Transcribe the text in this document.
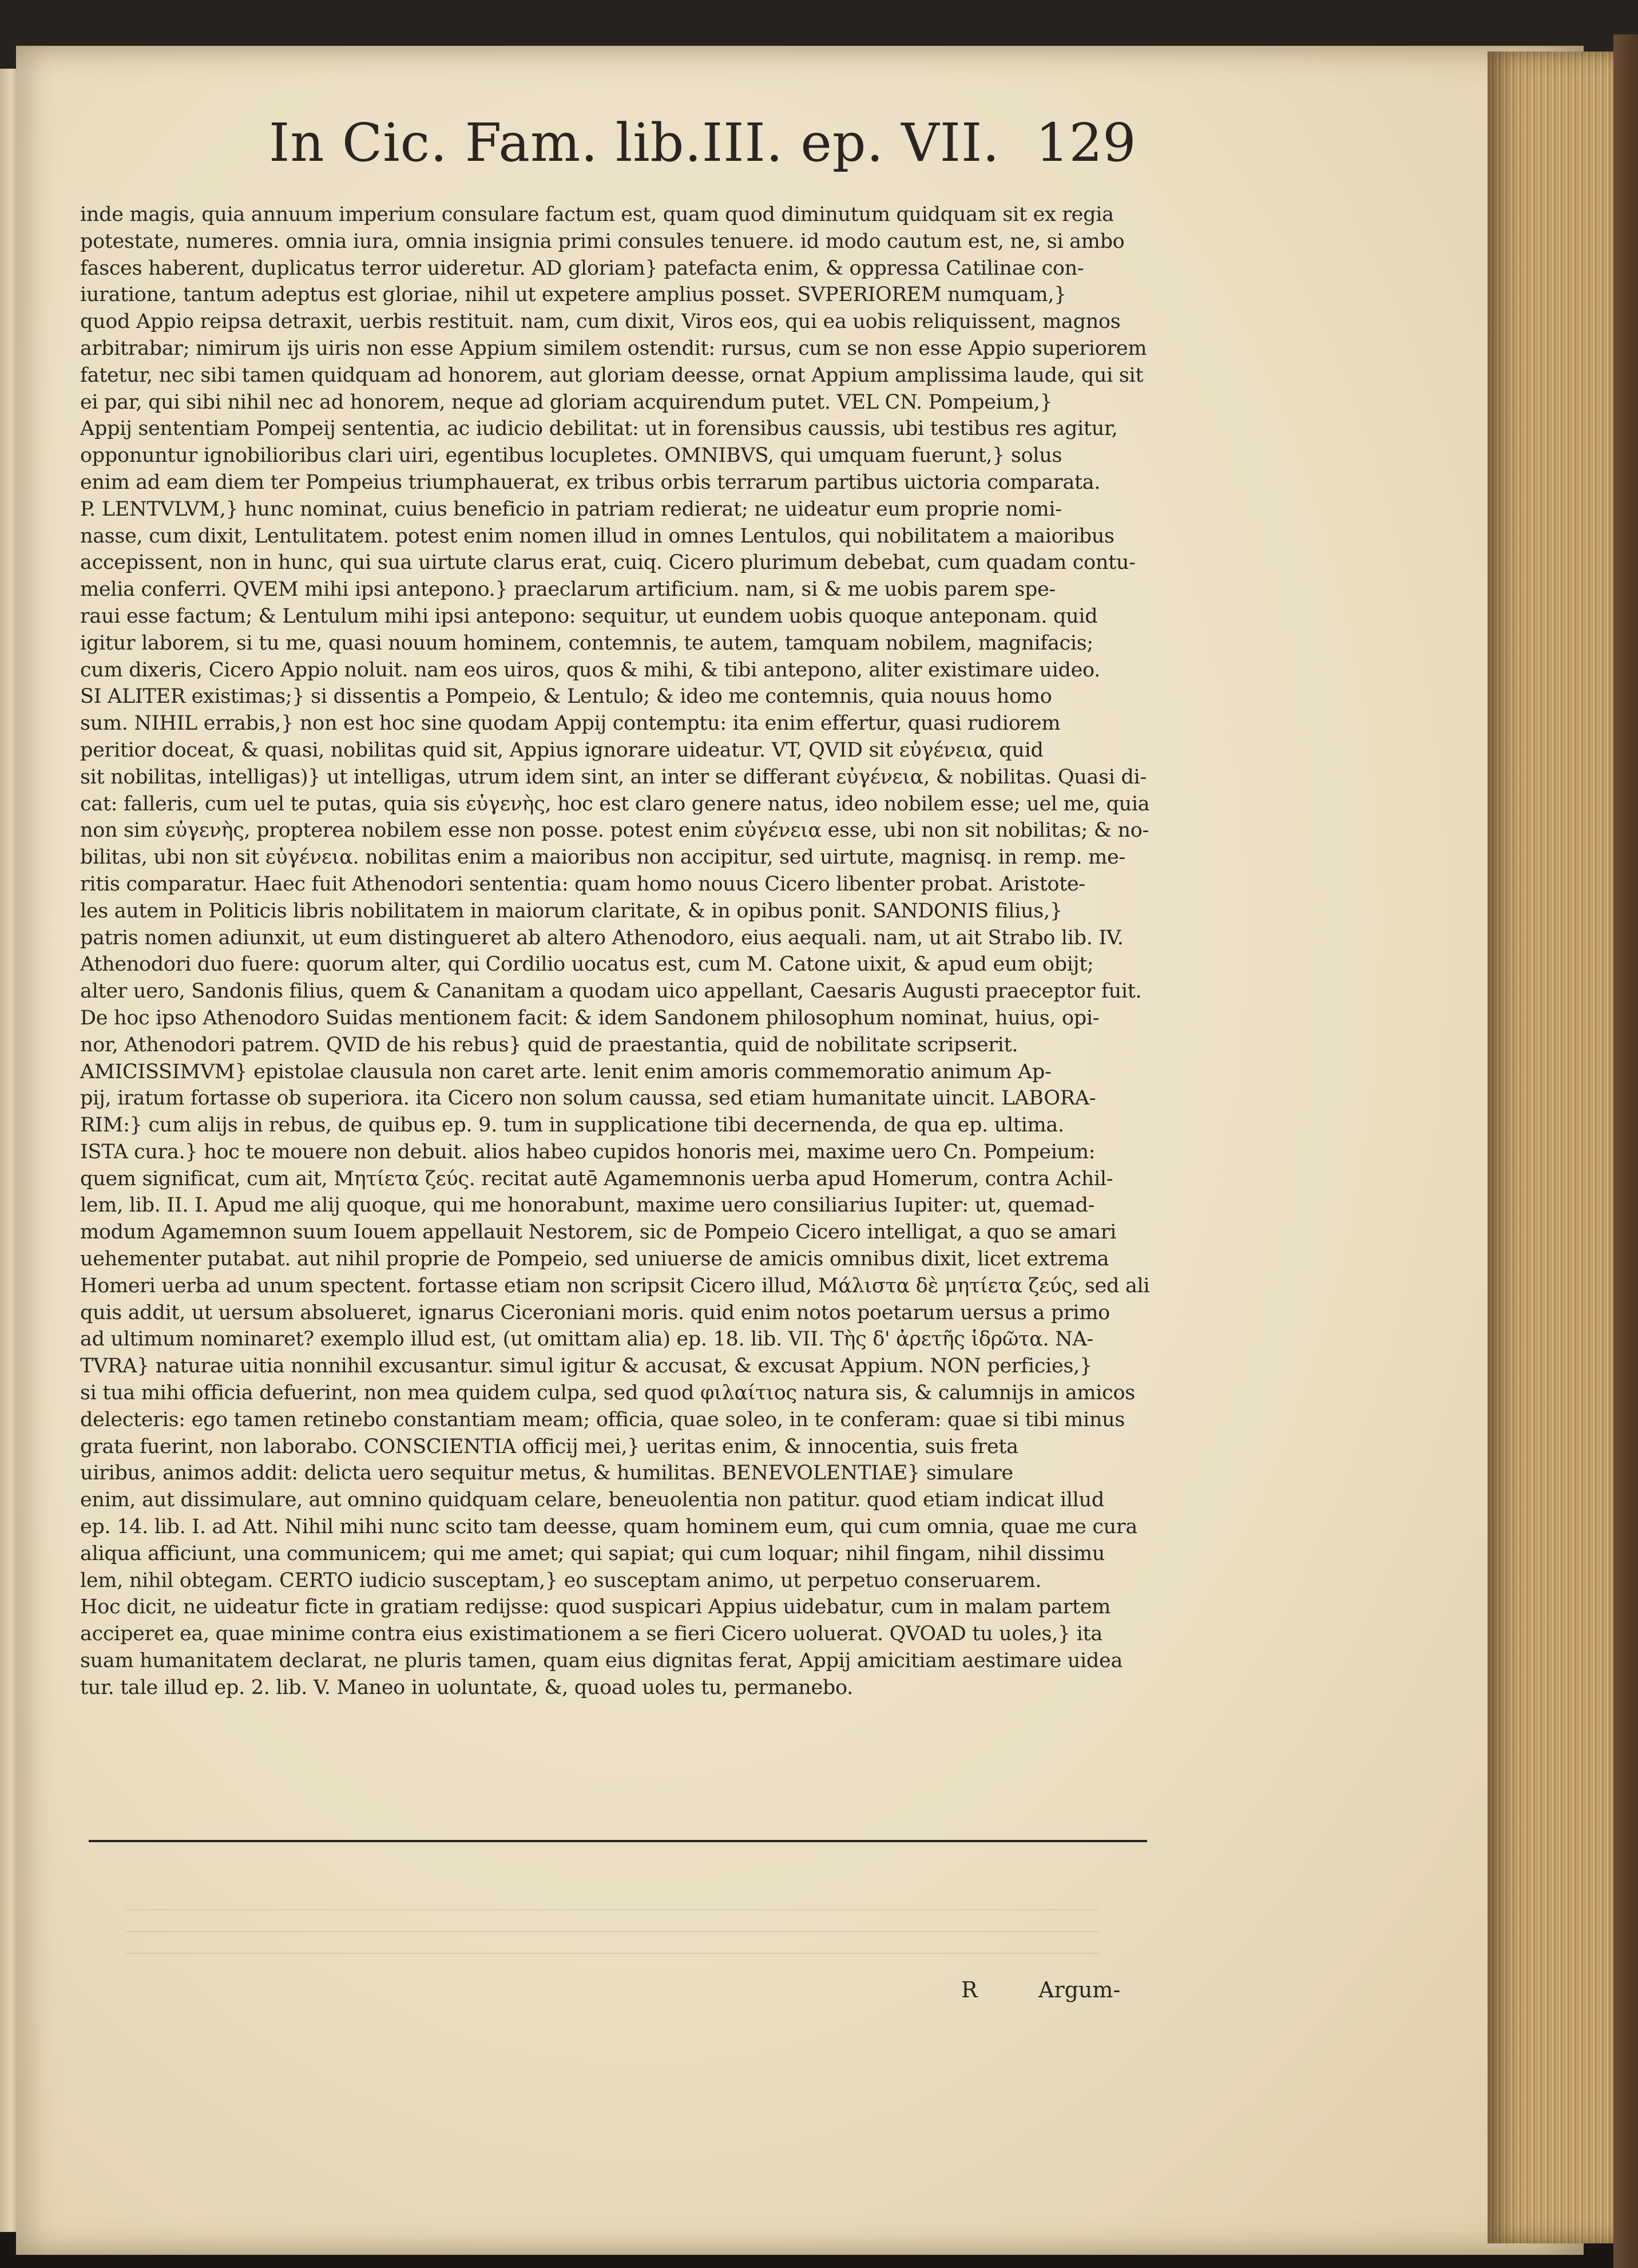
In Cic. Fam. lib.III. ep. VII. 129
inde magis, quia annuum imperium consulare factum est, quam quod diminutum quidquam sit ex regia
potestate, numeres. omnia iura, omnia insignia primi consules tenuere. id modo cautum est, ne, si ambo
fasces haberent, duplicatus terror uideretur. AD gloriam} patefacta enim, & oppressa Catilinae con-
iuratione, tantum adeptus est gloriae, nihil ut expetere amplius posset. SVPERIOREM numquam,}
quod Appio reipsa detraxit, uerbis restituit. nam, cum dixit, Viros eos, qui ea uobis reliquissent, magnos
arbitrabar; nimirum ijs uiris non esse Appium similem ostendit: rursus, cum se non esse Appio superiorem
fatetur, nec sibi tamen quidquam ad honorem, aut gloriam deesse, ornat Appium amplissima laude, qui sit
ei par, qui sibi nihil nec ad honorem, neque ad gloriam acquirendum putet. VEL CN. Pompeium,}
Appij sententiam Pompeij sententia, ac iudicio debilitat: ut in forensibus caussis, ubi testibus res agitur,
opponuntur ignobilioribus clari uiri, egentibus locupletes. OMNIBVS, qui umquam fuerunt,} solus
enim ad eam diem ter Pompeius triumphauerat, ex tribus orbis terrarum partibus uictoria comparata.
P. LENTVLVM,} hunc nominat, cuius beneficio in patriam redierat; ne uideatur eum proprie nomi-
nasse, cum dixit, Lentulitatem. potest enim nomen illud in omnes Lentulos, qui nobilitatem a maioribus
accepissent, non in hunc, qui sua uirtute clarus erat, cuiq. Cicero plurimum debebat, cum quadam contu-
melia conferri. QVEM mihi ipsi antepono.} praeclarum artificium. nam, si & me uobis parem spe-
raui esse factum; & Lentulum mihi ipsi antepono: sequitur, ut eundem uobis quoque anteponam. quid
igitur laborem, si tu me, quasi nouum hominem, contemnis, te autem, tamquam nobilem, magnifacis;
cum dixeris, Cicero Appio noluit. nam eos uiros, quos & mihi, & tibi antepono, aliter existimare uideo.
SI ALITER existimas;} si dissentis a Pompeio, & Lentulo; & ideo me contemnis, quia nouus homo
sum. NIHIL errabis,} non est hoc sine quodam Appij contemptu: ita enim effertur, quasi rudiorem
peritior doceat, & quasi, nobilitas quid sit, Appius ignorare uideatur. VT, QVID sit εὐγένεια, quid
sit nobilitas, intelligas)} ut intelligas, utrum idem sint, an inter se differant εὐγένεια, & nobilitas. Quasi di-
cat: falleris, cum uel te putas, quia sis εὐγενὴς, hoc est claro genere natus, ideo nobilem esse; uel me, quia
non sim εὐγενὴς, propterea nobilem esse non posse. potest enim εὐγένεια esse, ubi non sit nobilitas; & no-
bilitas, ubi non sit εὐγένεια. nobilitas enim a maioribus non accipitur, sed uirtute, magnisq. in remp. me-
ritis comparatur. Haec fuit Athenodori sententia: quam homo nouus Cicero libenter probat. Aristote-
les autem in Politicis libris nobilitatem in maiorum claritate, & in opibus ponit. SANDONIS filius,}
patris nomen adiunxit, ut eum distingueret ab altero Athenodoro, eius aequali. nam, ut ait Strabo lib. IV.
Athenodori duo fuere: quorum alter, qui Cordilio uocatus est, cum M. Catone uixit, & apud eum obijt;
alter uero, Sandonis filius, quem & Cananitam a quodam uico appellant, Caesaris Augusti praeceptor fuit.
De hoc ipso Athenodoro Suidas mentionem facit: & idem Sandonem philosophum nominat, huius, opi-
nor, Athenodori patrem. QVID de his rebus} quid de praestantia, quid de nobilitate scripserit.
AMICISSIMVM} epistolae clausula non caret arte. lenit enim amoris commemoratio animum Ap-
pij, iratum fortasse ob superiora. ita Cicero non solum caussa, sed etiam humanitate uincit. LABORA-
RIM:} cum alijs in rebus, de quibus ep. 9. tum in supplicatione tibi decernenda, de qua ep. ultima.
ISTA cura.} hoc te mouere non debuit. alios habeo cupidos honoris mei, maxime uero Cn. Pompeium:
quem significat, cum ait, Μητίετα ζεύς. recitat autē Agamemnonis uerba apud Homerum, contra Achil-
lem, lib. II. I. Apud me alij quoque, qui me honorabunt, maxime uero consiliarius Iupiter: ut, quemad-
modum Agamemnon suum Iouem appellauit Nestorem, sic de Pompeio Cicero intelligat, a quo se amari
uehementer putabat. aut nihil proprie de Pompeio, sed uniuerse de amicis omnibus dixit, licet extrema
Homeri uerba ad unum spectent. fortasse etiam non scripsit Cicero illud, Μάλιστα δὲ μητίετα ζεύς, sed ali
quis addit, ut uersum absolueret, ignarus Ciceroniani moris. quid enim notos poetarum uersus a primo
ad ultimum nominaret? exemplo illud est, (ut omittam alia) ep. 18. lib. VII. Τὴς δ' ἀρετῆς ἱδρῶτα. NA-
TVRA} naturae uitia nonnihil excusantur. simul igitur & accusat, & excusat Appium. NON perficies,}
si tua mihi officia defuerint, non mea quidem culpa, sed quod φιλαίτιος natura sis, & calumnijs in amicos
delecteris: ego tamen retinebo constantiam meam; officia, quae soleo, in te conferam: quae si tibi minus
grata fuerint, non laborabo. CONSCIENTIA officij mei,} ueritas enim, & innocentia, suis freta
uiribus, animos addit: delicta uero sequitur metus, & humilitas. BENEVOLENTIAE} simulare
enim, aut dissimulare, aut omnino quidquam celare, beneuolentia non patitur. quod etiam indicat illud
ep. 14. lib. I. ad Att. Nihil mihi nunc scito tam deesse, quam hominem eum, qui cum omnia, quae me cura
aliqua afficiunt, una communicem; qui me amet; qui sapiat; qui cum loquar; nihil fingam, nihil dissimu
lem, nihil obtegam. CERTO iudicio susceptam,} eo susceptam animo, ut perpetuo conseruarem.
Hoc dicit, ne uideatur ficte in gratiam redijsse: quod suspicari Appius uidebatur, cum in malam partem
acciperet ea, quae minime contra eius existimationem a se fieri Cicero uoluerat. QVOAD tu uoles,} ita
suam humanitatem declarat, ne pluris tamen, quam eius dignitas ferat, Appij amicitiam aestimare uidea
tur. tale illud ep. 2. lib. V. Maneo in uoluntate, &, quoad uoles tu, permanebo.
R	Argum-
